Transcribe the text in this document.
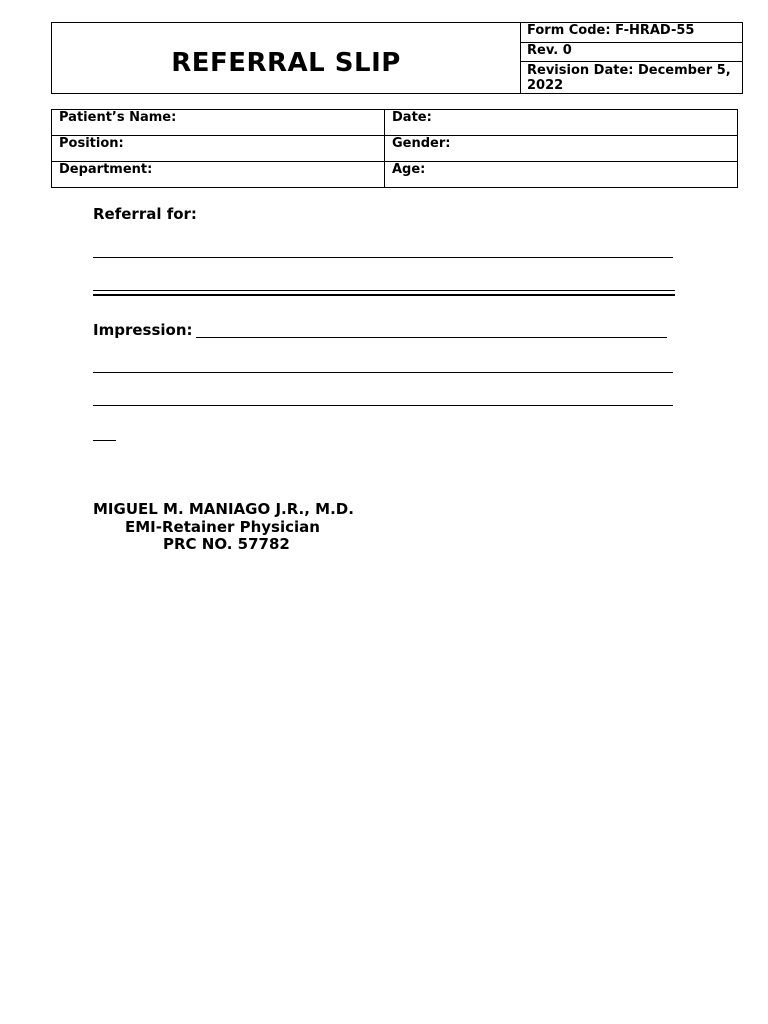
REFERRAL SLIP
Form Code: F-HRAD-55
Rev. 0
Revision Date: December 5, 2022
Patient’s Name:	Date:
Position:	Gender:
Department:	Age:
Referral for:
Impression:
MIGUEL M. MANIAGO J.R., M.D.
EMI-Retainer Physician
PRC NO. 57782
